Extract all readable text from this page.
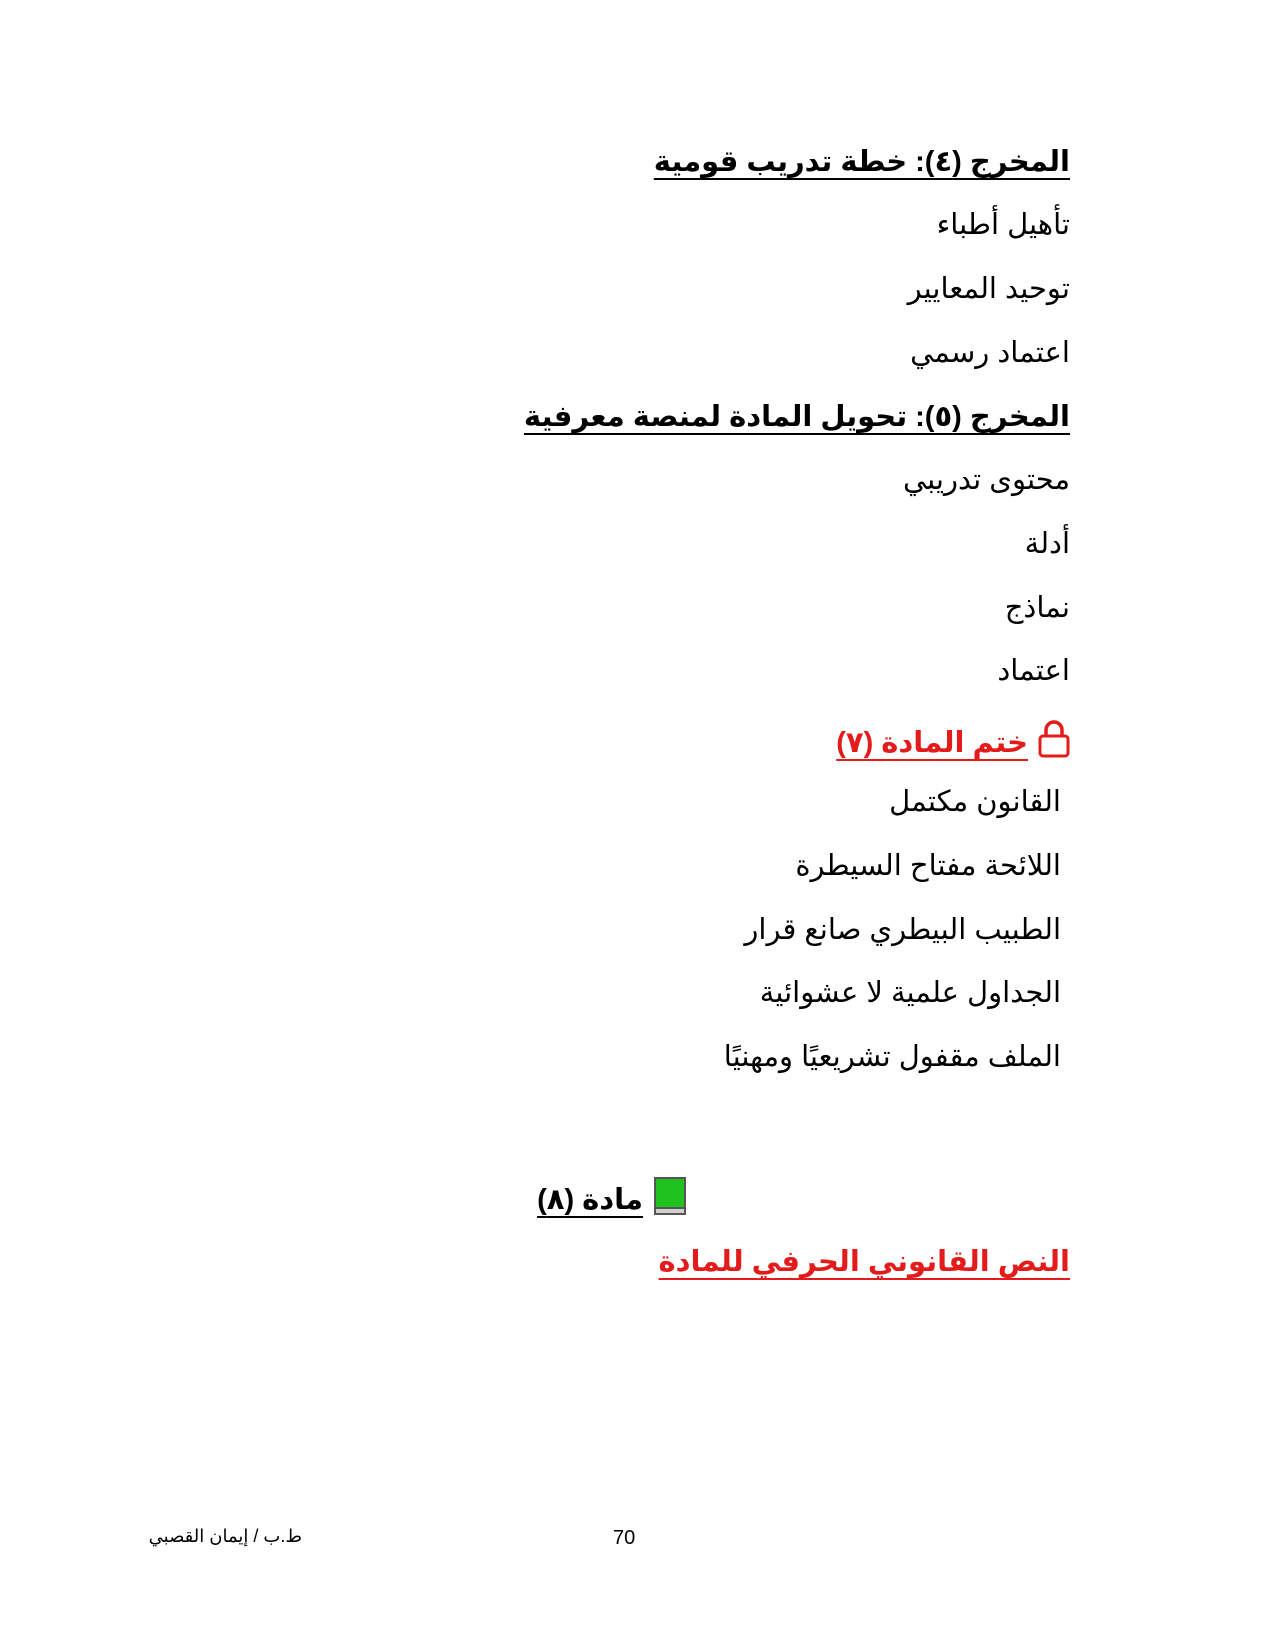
المخرج (٤): خطة تدريب قومية
تأهيل أطباء
توحيد المعايير
اعتماد رسمي
المخرج (٥): تحويل المادة لمنصة معرفية
محتوى تدريبي
أدلة
نماذج
اعتماد
ختم المادة (٧)
القانون مكتمل
اللائحة مفتاح السيطرة
الطبيب البيطري صانع قرار
الجداول علمية لا عشوائية
الملف مقفول تشريعيًا ومهنيًا
مادة (٨)
النص القانوني الحرفي للمادة
ط.ب / إيمان القصبي	70
